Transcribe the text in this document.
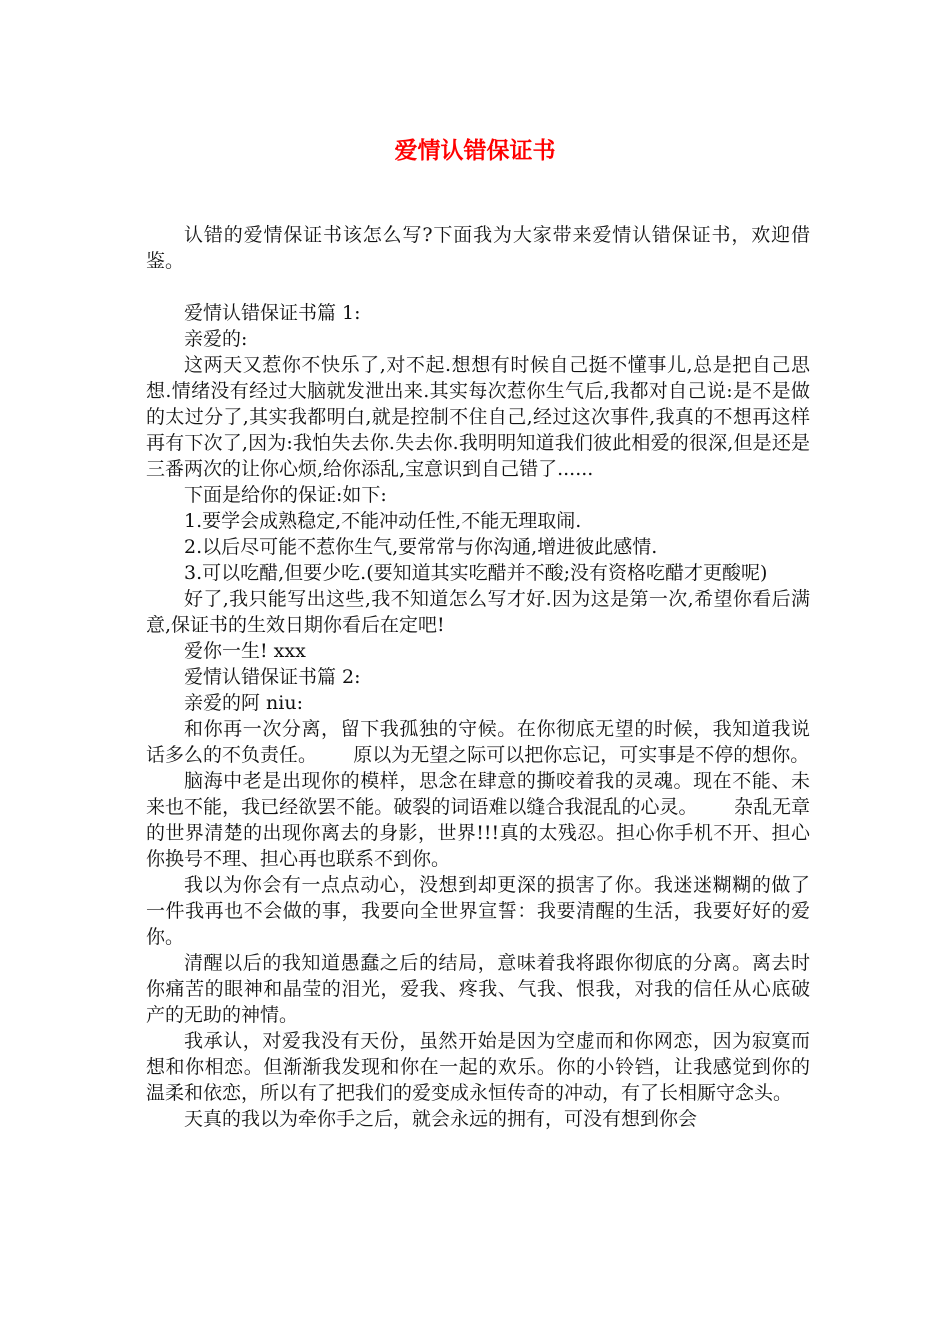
爱情认错保证书

认错的爱情保证书该怎么写?下面我为大家带来爱情认错保证书，欢迎借鉴。

爱情认错保证书篇 1:

亲爱的:

这两天又惹你不快乐了,对不起.想想有时候自己挺不懂事儿,总是把自己思想.情绪没有经过大脑就发泄出来.其实每次惹你生气后,我都对自己说:是不是做的太过分了,其实我都明白,就是控制不住自己,经过这次事件,我真的不想再这样再有下次了,因为:我怕失去你.失去你.我明明知道我们彼此相爱的很深,但是还是三番两次的让你心烦,给你添乱,宝意识到自己错了......

下面是给你的保证:如下:

1.要学会成熟稳定,不能冲动任性,不能无理取闹.

2.以后尽可能不惹你生气,要常常与你沟通,增进彼此感情.

3.可以吃醋,但要少吃.(要知道其实吃醋并不酸;没有资格吃醋才更酸呢)

好了,我只能写出这些,我不知道怎么写才好.因为这是第一次,希望你看后满意,保证书的生效日期你看后在定吧!

爱你一生! xxx

爱情认错保证书篇 2:

亲爱的阿 niu:

和你再一次分离，留下我孤独的守候。在你彻底无望的时候，我知道我说话多么的不负责任。      原以为无望之际可以把你忘记，可实事是不停的想你。

脑海中老是出现你的模样，思念在肆意的撕咬着我的灵魂。现在不能、未来也不能，我已经欲罢不能。破裂的词语难以缝合我混乱的心灵。      杂乱无章的世界清楚的出现你离去的身影，世界!!!真的太残忍。担心你手机不开、担心你换号不理、担心再也联系不到你。

我以为你会有一点点动心，没想到却更深的损害了你。我迷迷糊糊的做了一件我再也不会做的事，我要向全世界宣誓：我要清醒的生活，我要好好的爱你。

清醒以后的我知道愚蠢之后的结局，意味着我将跟你彻底的分离。离去时你痛苦的眼神和晶莹的泪光，爱我、疼我、气我、恨我，对我的信任从心底破产的无助的神情。

我承认，对爱我没有天份，虽然开始是因为空虚而和你网恋，因为寂寞而想和你相恋。但渐渐我发现和你在一起的欢乐。你的小铃铛，让我感觉到你的温柔和依恋，所以有了把我们的爱变成永恒传奇的冲动，有了长相厮守念头。

天真的我以为牵你手之后，就会永远的拥有，可没有想到你会
